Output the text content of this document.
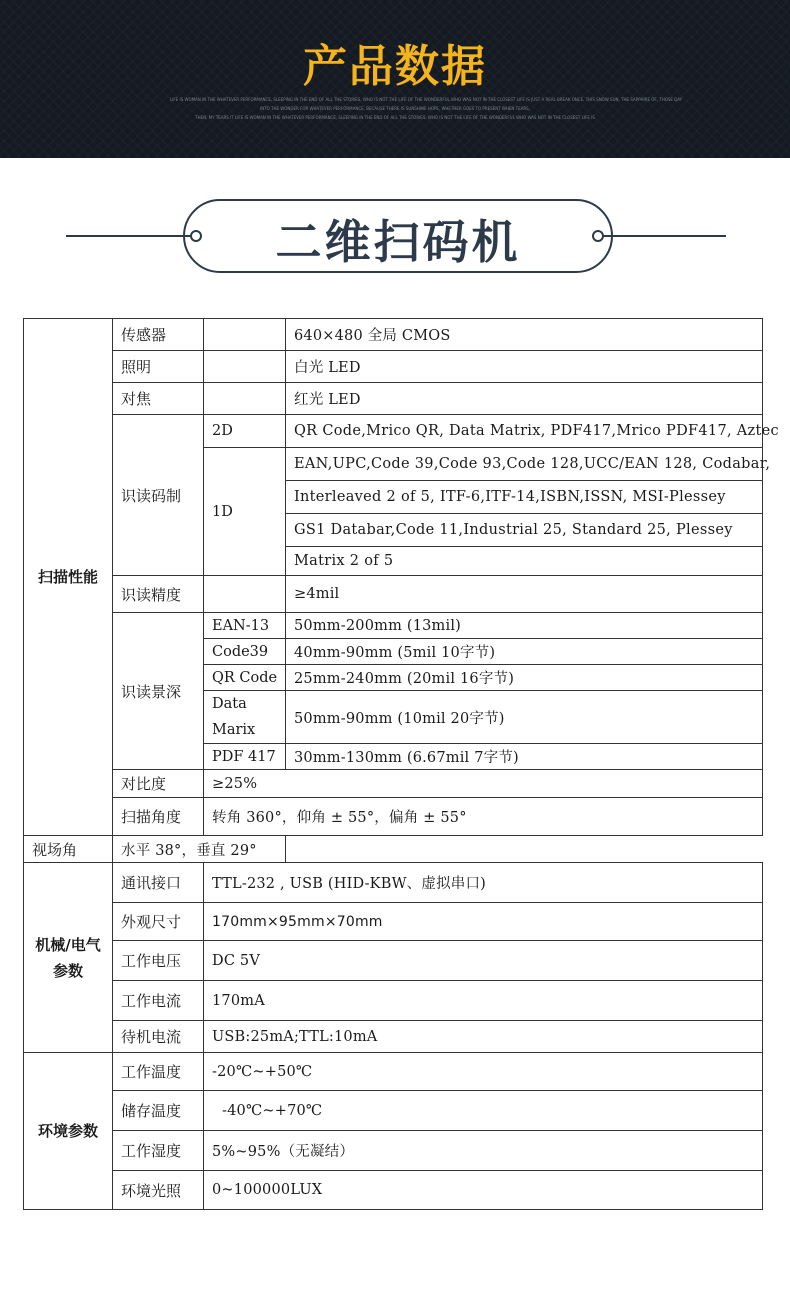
产品数据
LIFE IS WOMAN IN THE WHATEVER PERFORMANCE, SLEEPING IN THE END OF ALL THE STORIES, WHO IS NOT THE LIFE OF THE WONDERFUL WHO WAS NOT IN THE CLOSEST LIFE IS JUST A REAL BREAK ONCE, THIS SNOW SUN, THE SAPPHIRE OF, THOSE DAY
INTO THE WONDER FOR WHATEVER PERFORMANCE, BECAUSE THERE IS SUNSHINE HOPE, WHETHER GOES TO PRESENT WHEN TEARS,
THEN, MY TEARS IT LIFE IS WOMAN IN THE WHATEVER PERFORMANCE, SLEEPING IN THE END OF ALL THE STORIES, WHO IS NOT THE LIFE OF THE WONDERFUL WHO WAS NOT IN THE CLOSEST LIFE IS
二维扫码机
扫描性能	传感器		640×480 全局 CMOS
	照明		白光 LED
	对焦		红光 LED
	识读码制	2D	QR Code,Mrico QR, Data Matrix, PDF417,Mrico PDF417, Aztec
		1D	EAN,UPC,Code 39,Code 93,Code 128,UCC/EAN 128, Codabar,
			Interleaved 2 of 5, ITF-6,ITF-14,ISBN,ISSN, MSI-Plessey
			GS1 Databar,Code 11,Industrial 25, Standard 25, Plessey
			Matrix 2 of 5
	识读精度		≥4mil
	识读景深	EAN-13	50mm-200mm (13mil)
		Code39	40mm-90mm (5mil 10字节)
		QR Code	25mm-240mm (20mil 16字节)
		Data Marix	50mm-90mm (10mil 20字节)
		PDF 417	30mm-130mm (6.67mil 7字节)
	对比度	≥25%	
	扫描角度	转角 360°，仰角 ± 55°，偏角 ± 55°	
视场角	水平 38°，垂直 29°		
机械/电气参数	通讯接口	TTL-232 , USB (HID-KBW、虚拟串口)	
	外观尺寸	170mm×95mm×70mm	
	工作电压	DC 5V	
	工作电流	170mA	
	待机电流	USB:25mA;TTL:10mA	
环境参数	工作温度	-20℃~+50℃	
	储存温度	-40℃~+70℃	
	工作湿度	5%~95%（无凝结）	
	环境光照	0~100000LUX	
